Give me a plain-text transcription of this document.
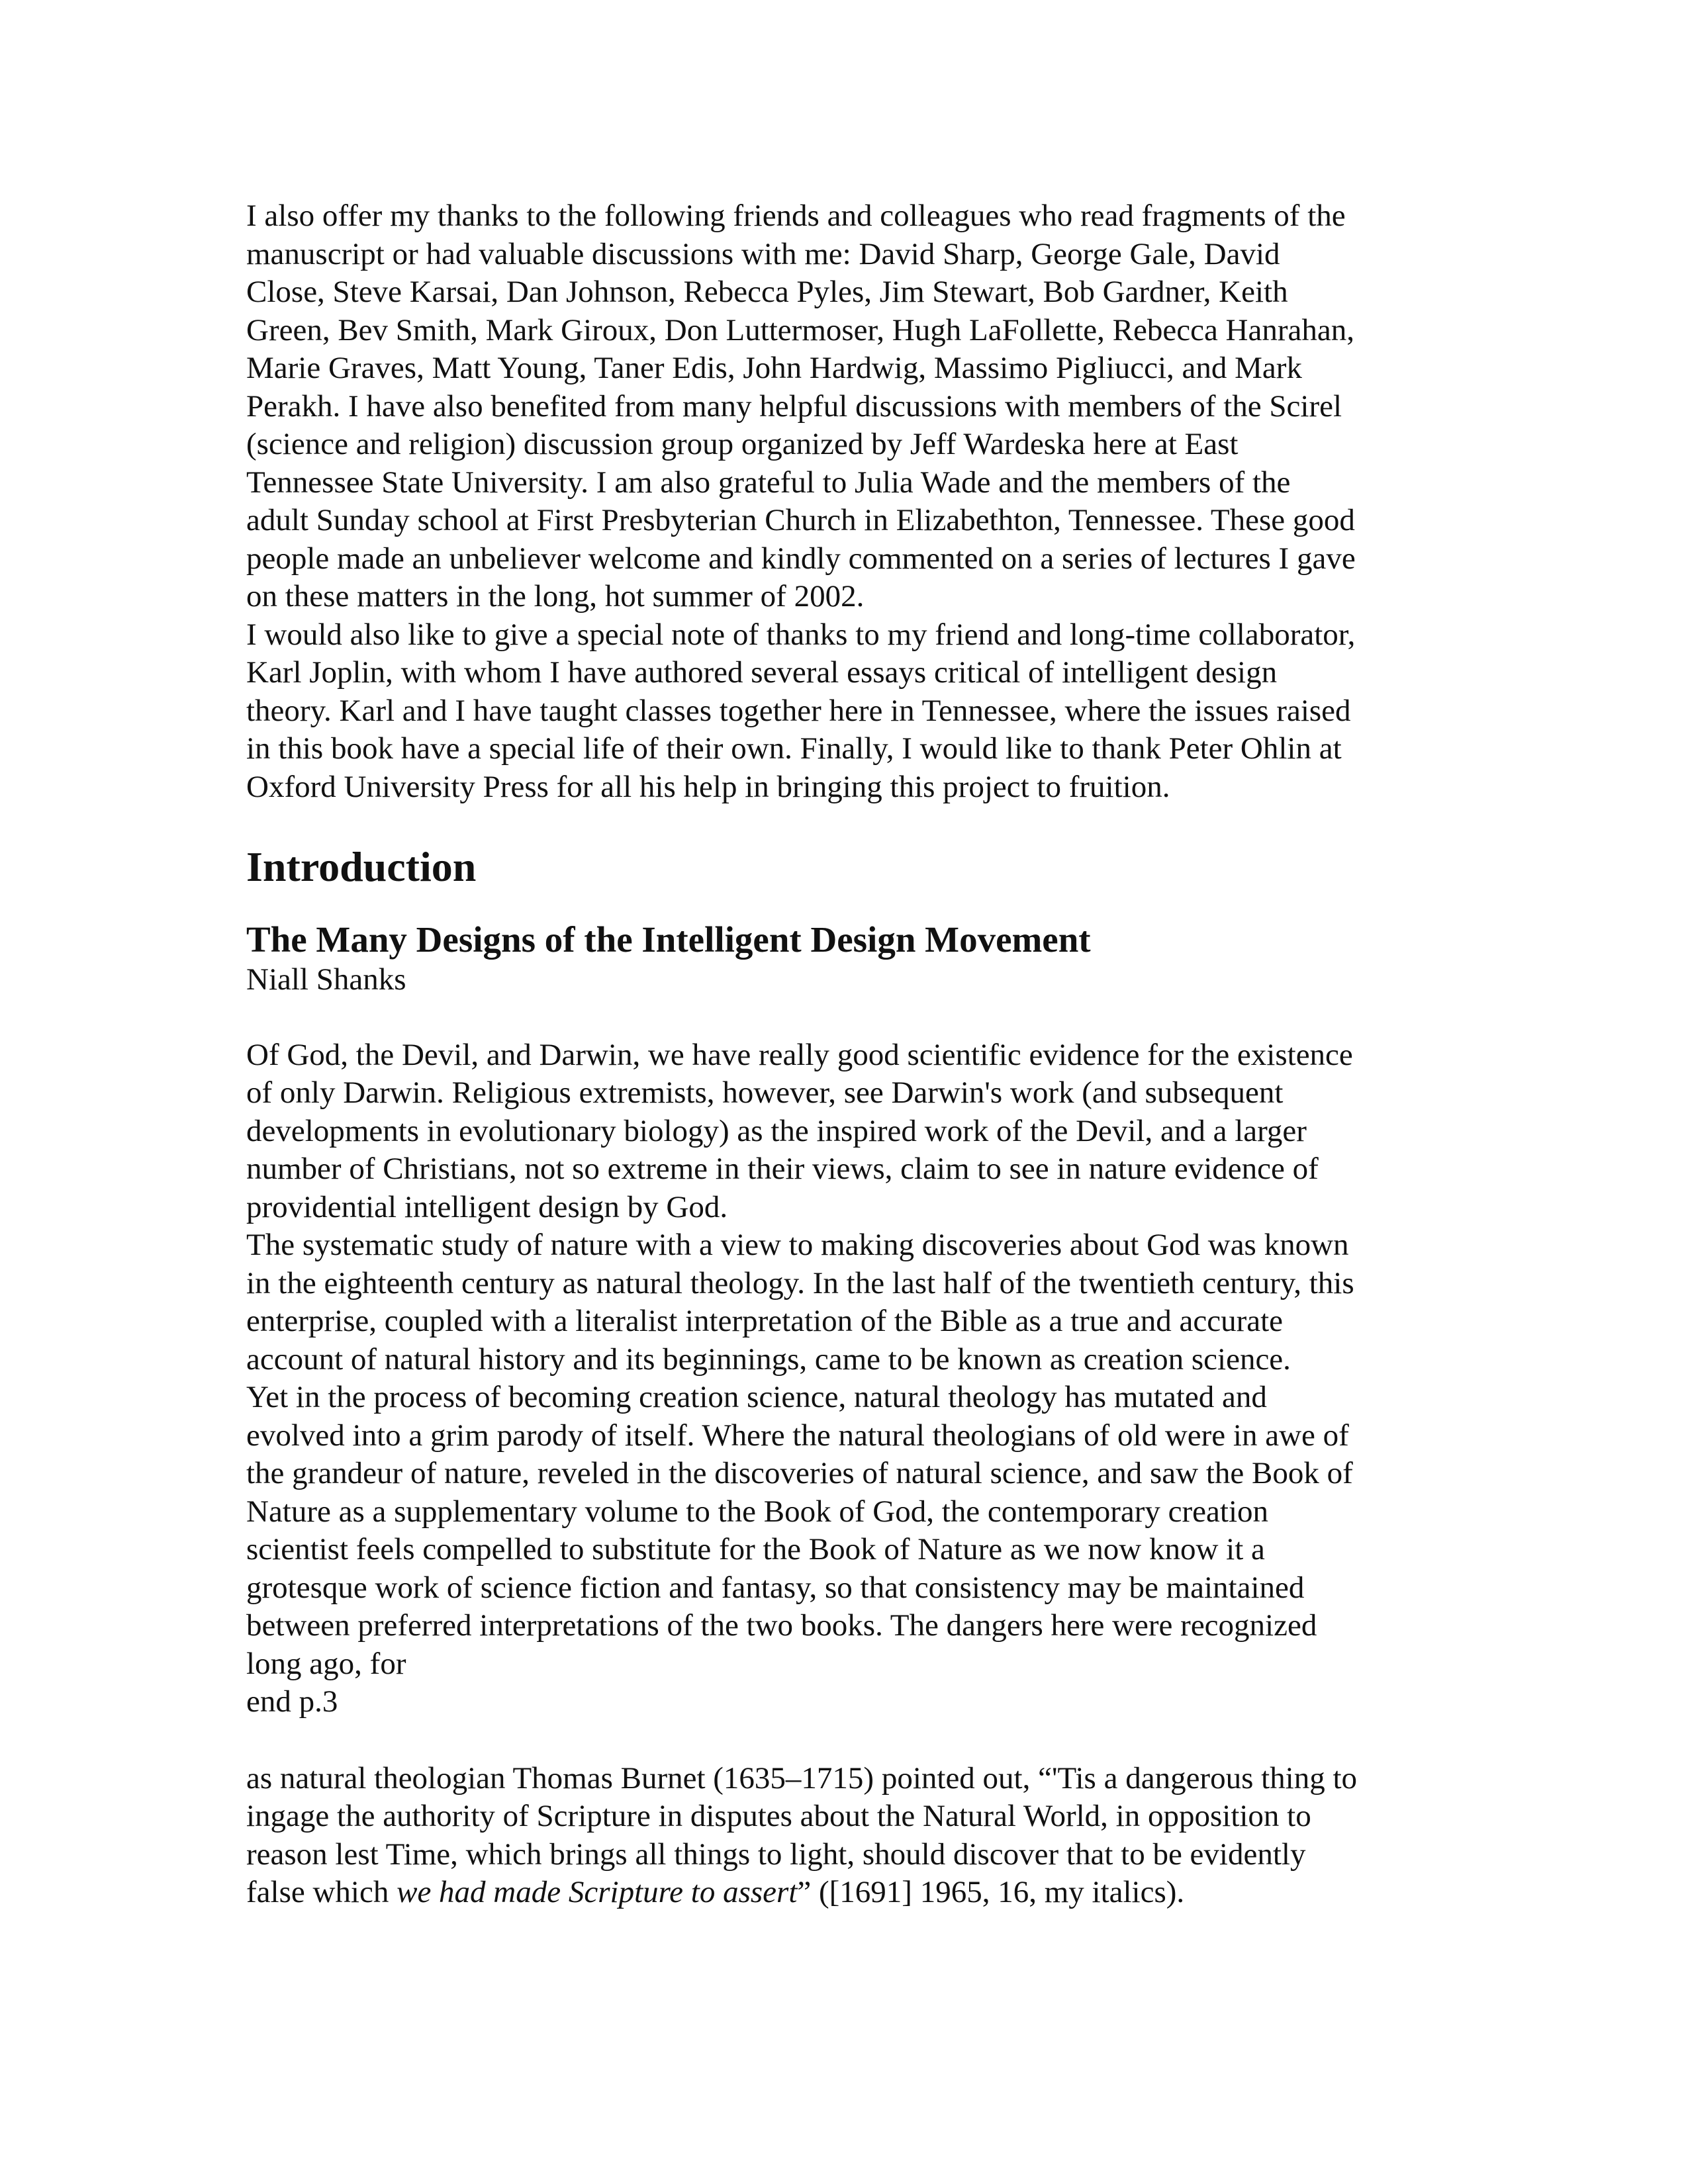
I also offer my thanks to the following friends and colleagues who read fragments of the
manuscript or had valuable discussions with me: David Sharp, George Gale, David
Close, Steve Karsai, Dan Johnson, Rebecca Pyles, Jim Stewart, Bob Gardner, Keith
Green, Bev Smith, Mark Giroux, Don Luttermoser, Hugh LaFollette, Rebecca Hanrahan,
Marie Graves, Matt Young, Taner Edis, John Hardwig, Massimo Pigliucci, and Mark
Perakh. I have also benefited from many helpful discussions with members of the Scirel
(science and religion) discussion group organized by Jeff Wardeska here at East
Tennessee State University. I am also grateful to Julia Wade and the members of the
adult Sunday school at First Presbyterian Church in Elizabethton, Tennessee. These good
people made an unbeliever welcome and kindly commented on a series of lectures I gave
on these matters in the long, hot summer of 2002.

I would also like to give a special note of thanks to my friend and long-time collaborator,
Karl Joplin, with whom I have authored several essays critical of intelligent design
theory. Karl and I have taught classes together here in Tennessee, where the issues raised
in this book have a special life of their own. Finally, I would like to thank Peter Ohlin at
Oxford University Press for all his help in bringing this project to fruition.

Introduction
The Many Designs of the Intelligent Design Movement

Niall Shanks

Of God, the Devil, and Darwin, we have really good scientific evidence for the existence
of only Darwin. Religious extremists, however, see Darwin's work (and subsequent
developments in evolutionary biology) as the inspired work of the Devil, and a larger
number of Christians, not so extreme in their views, claim to see in nature evidence of
providential intelligent design by God.

The systematic study of nature with a view to making discoveries about God was known
in the eighteenth century as natural theology. In the last half of the twentieth century, this
enterprise, coupled with a literalist interpretation of the Bible as a true and accurate
account of natural history and its beginnings, came to be known as creation science.

Yet in the process of becoming creation science, natural theology has mutated and
evolved into a grim parody of itself. Where the natural theologians of old were in awe of
the grandeur of nature, reveled in the discoveries of natural science, and saw the Book of
Nature as a supplementary volume to the Book of God, the contemporary creation
scientist feels compelled to substitute for the Book of Nature as we now know it a
grotesque work of science fiction and fantasy, so that consistency may be maintained
between preferred interpretations of the two books. The dangers here were recognized
long ago, for

end p.3

as natural theologian Thomas Burnet (1635–1715) pointed out, “'Tis a dangerous thing to
ingage the authority of Scripture in disputes about the Natural World, in opposition to
reason lest Time, which brings all things to light, should discover that to be evidently
false which we had made Scripture to assert” ([1691] 1965, 16, my italics).
